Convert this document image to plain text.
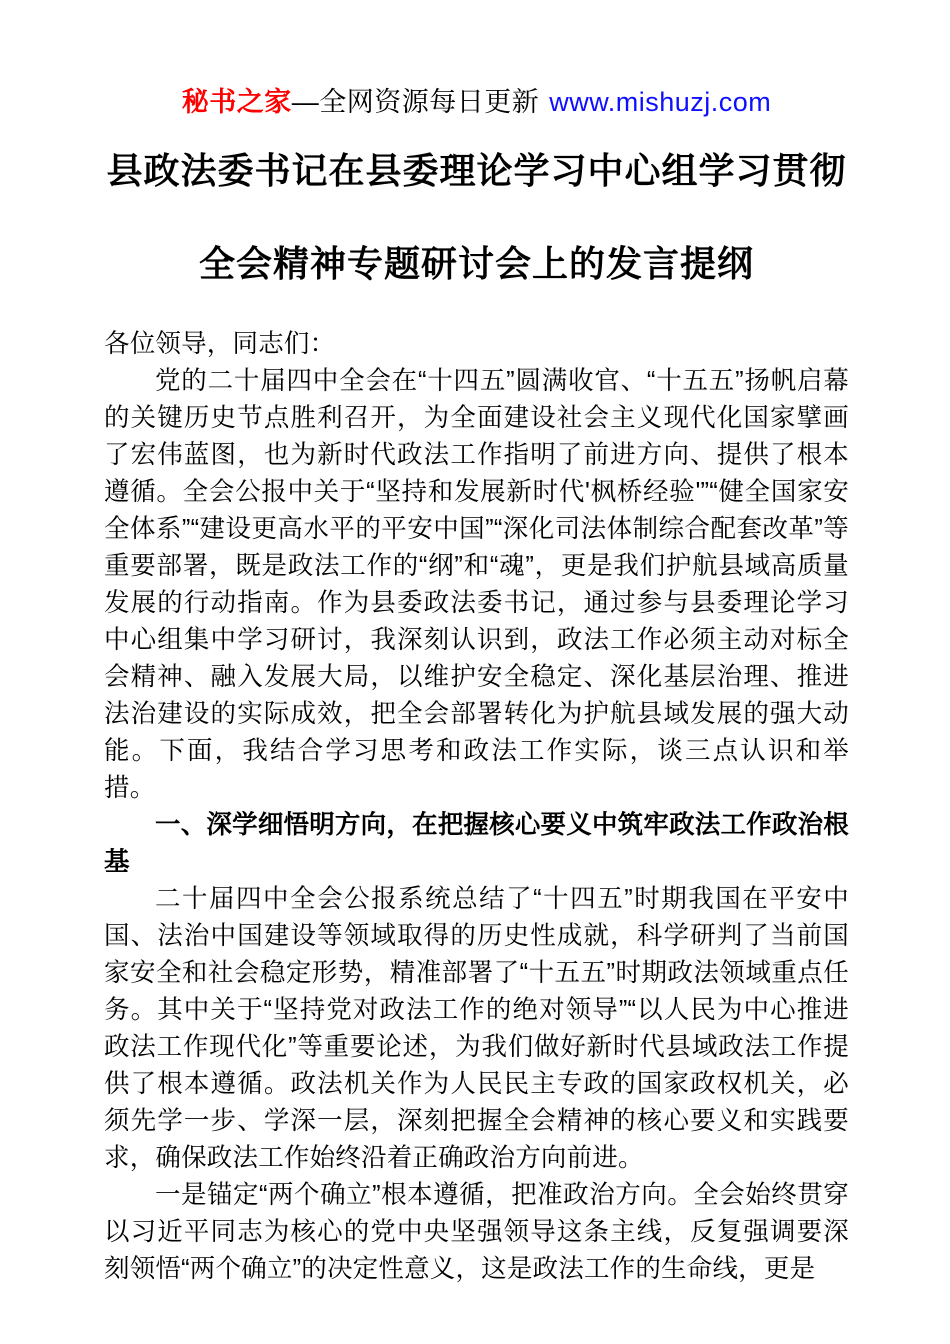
秘书之家—全网资源每日更新 www.mishuzj.com
县政法委书记在县委理论学习中心组学习贯彻
全会精神专题研讨会上的发言提纲

各位领导，同志们：

党的二十届四中全会在“十四五”圆满收官、“十五五”扬帆启幕的关键历史节点胜利召开，为全面建设社会主义现代化国家擘画了宏伟蓝图，也为新时代政法工作指明了前进方向、提供了根本遵循。全会公报中关于“坚持和发展新时代'枫桥经验'”“健全国家安全体系”“建设更高水平的平安中国”“深化司法体制综合配套改革”等重要部署，既是政法工作的“纲”和“魂”，更是我们护航县域高质量发展的行动指南。作为县委政法委书记，通过参与县委理论学习中心组集中学习研讨，我深刻认识到，政法工作必须主动对标全会精神、融入发展大局，以维护安全稳定、深化基层治理、推进法治建设的实际成效，把全会部署转化为护航县域发展的强大动能。下面，我结合学习思考和政法工作实际，谈三点认识和举措。

一、深学细悟明方向，在把握核心要义中筑牢政法工作政治根基

二十届四中全会公报系统总结了“十四五”时期我国在平安中国、法治中国建设等领域取得的历史性成就，科学研判了当前国家安全和社会稳定形势，精准部署了“十五五”时期政法领域重点任务。其中关于“坚持党对政法工作的绝对领导”“以人民为中心推进政法工作现代化”等重要论述，为我们做好新时代县域政法工作提供了根本遵循。政法机关作为人民民主专政的国家政权机关，必须先学一步、学深一层，深刻把握全会精神的核心要义和实践要求，确保政法工作始终沿着正确政治方向前进。

一是锚定“两个确立”根本遵循，把准政治方向。全会始终贯穿以习近平同志为核心的党中央坚强领导这条主线，反复强调要深刻领悟“两个确立”的决定性意义，这是政法工作的生命线，更是
